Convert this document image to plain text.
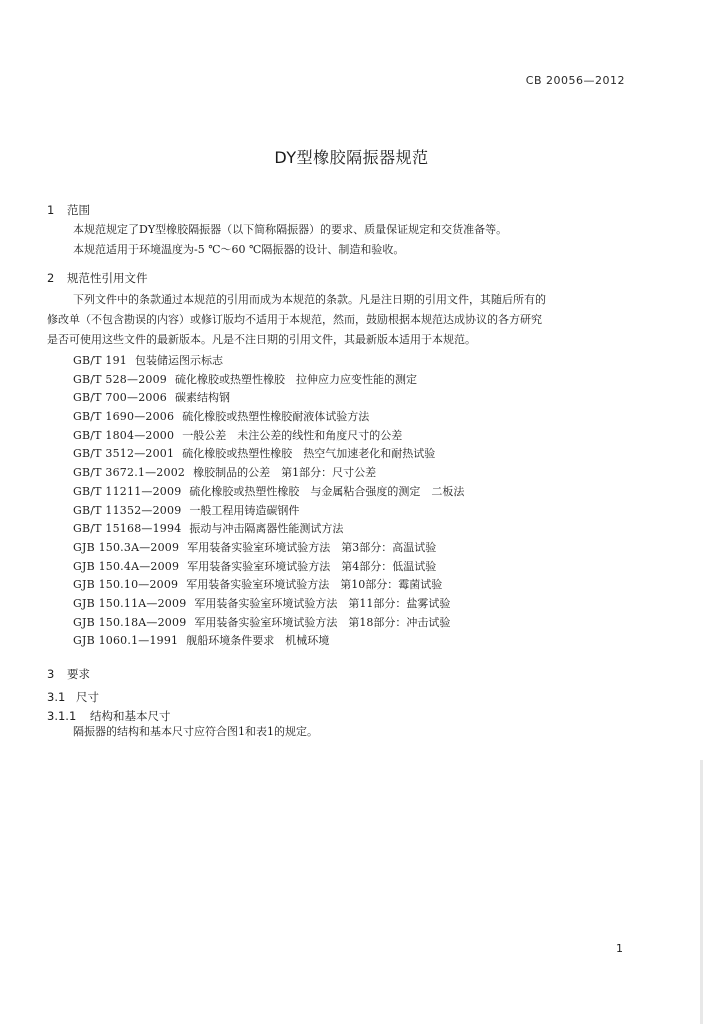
CB 20056—2012
DY型橡胶隔振器规范
1 范围
本规范规定了DY型橡胶隔振器（以下简称隔振器）的要求、质量保证规定和交货准备等。
本规范适用于环境温度为-5 ℃～60 ℃隔振器的设计、制造和验收。
2 规范性引用文件
下列文件中的条款通过本规范的引用而成为本规范的条款。凡是注日期的引用文件，其随后所有的
修改单（不包含勘误的内容）或修订版均不适用于本规范，然而，鼓励根据本规范达成协议的各方研究
是否可使用这些文件的最新版本。凡是不注日期的引用文件，其最新版本适用于本规范。
GB/T 191 包装储运图示标志
GB/T 528—2009 硫化橡胶或热塑性橡胶　拉伸应力应变性能的测定
GB/T 700—2006 碳素结构钢
GB/T 1690—2006 硫化橡胶或热塑性橡胶耐液体试验方法
GB/T 1804—2000 一般公差　未注公差的线性和角度尺寸的公差
GB/T 3512—2001 硫化橡胶或热塑性橡胶　热空气加速老化和耐热试验
GB/T 3672.1—2002 橡胶制品的公差　第1部分：尺寸公差
GB/T 11211—2009 硫化橡胶或热塑性橡胶　与金属粘合强度的测定　二板法
GB/T 11352—2009 一般工程用铸造碳钢件
GB/T 15168—1994 振动与冲击隔离器性能测试方法
GJB 150.3A—2009 军用装备实验室环境试验方法　第3部分：高温试验
GJB 150.4A—2009 军用装备实验室环境试验方法　第4部分：低温试验
GJB 150.10—2009 军用装备实验室环境试验方法　第10部分：霉菌试验
GJB 150.11A—2009 军用装备实验室环境试验方法　第11部分：盐雾试验
GJB 150.18A—2009 军用装备实验室环境试验方法　第18部分：冲击试验
GJB 1060.1—1991 舰船环境条件要求　机械环境
3 要求
3.1 尺寸
3.1.1 结构和基本尺寸
隔振器的结构和基本尺寸应符合图1和表1的规定。
1
